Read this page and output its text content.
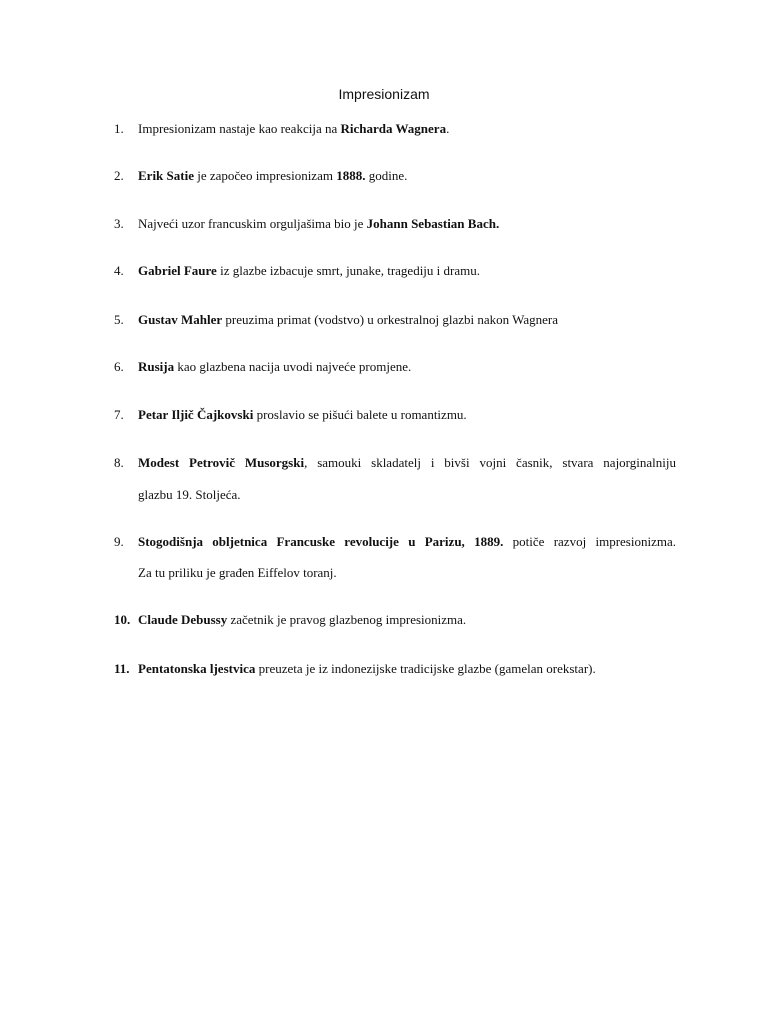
Impresionizam
1.	Impresionizam nastaje kao reakcija na Richarda Wagnera.
2.	Erik Satie je započeo impresionizam 1888. godine.
3.	Najveći uzor francuskim orguljašima bio je Johann Sebastian Bach.
4.	Gabriel Faure iz glazbe izbacuje smrt, junake, tragediju i dramu.
5.	Gustav Mahler preuzima primat (vodstvo) u orkestralnoj glazbi nakon Wagnera
6.	Rusija kao glazbena nacija uvodi najveće promjene.
7.	Petar Iljič Čajkovski proslavio se pišući balete u romantizmu.
8.	Modest Petrovič Musorgski, samouki skladatelj i bivši vojni časnik, stvara najorginalniju
glazbu 19. Stoljeća.
9.	Stogodišnja obljetnica Francuske revolucije u Parizu, 1889. potiče razvoj impresionizma.
Za tu priliku je građen Eiffelov toranj.
10. Claude Debussy začetnik je pravog glazbenog impresionizma.
11. Pentatonska ljestvica preuzeta je iz indonezijske tradicijske glazbe (gamelan orekstar).
